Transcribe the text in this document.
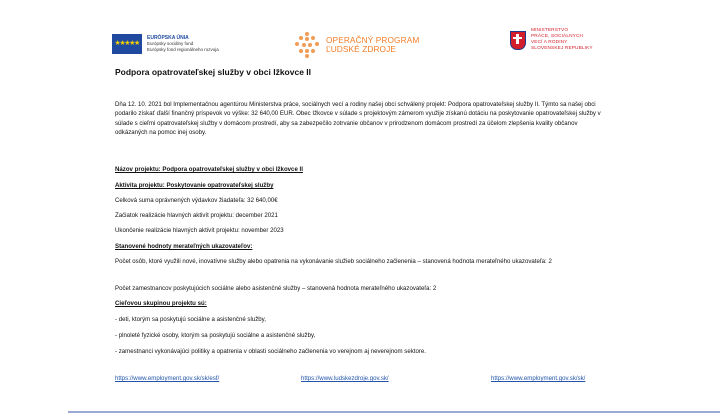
★★★★★
EURÓPSKA ÚNIA
Európsky sociálny fond
Európsky fond regionálneho rozvoja
OPERAČNÝ PROGRAM
ĽUDSKÉ ZDROJE
MINISTERSTVO
PRÁCE, SOCIÁLNYCH
VECÍ A RODINY
SLOVENSKEJ REPUBLIKY
Podpora opatrovateľskej služby v obci Ižkovce II
Dňa 12. 10. 2021 bol Implementačnou agentúrou Ministerstva práce, sociálnych vecí a rodiny našej obci schválený projekt: Podpora opatrovateľskej služby II. Týmto sa našej obci podarilo získať ďalší finančný príspevok vo výške: 32 640,00 EUR. Obec Ižkovce v súlade s projektovým zámerom využije získanú dotáciu na poskytovanie opatrovateľskej služby v súlade s cieľmi opatrovateľskej služby v domácom prostredí, aby sa zabezpečilo zotrvanie občanov v prirodzenom domácom prostredí za účelom zlepšenia kvality občanov odkázaných na pomoc inej osoby.
Názov projektu: Podpora opatrovateľskej služby v obci Ižkovce II
Aktivita projektu: Poskytovanie opatrovateľskej služby
Celková suma oprávnených výdavkov žiadateľa: 32 640,00€
Začiatok realizácie hlavných aktivít projektu: december 2021
Ukončenie realizácie hlavných aktivít projektu: november 2023
Stanovené hodnoty merateľných ukazovateľov:
Počet osôb, ktoré využili nové, inovatívne služby alebo opatrenia na vykonávanie služieb sociálneho začlenenia – stanovená hodnota merateľného ukazovateľa: 2
Počet zamestnancov poskytujúcich sociálne alebo asistenčné služby – stanovená hodnota merateľného ukazovateľa: 2
Cieľovou skupinou projektu sú:
- deti, ktorým sa poskytujú sociálne a asistenčné služby,
- plnoleté fyzické osoby, ktorým sa poskytujú sociálne a asistenčné služby,
- zamestnanci vykonávajúci politiky a opatrenia v oblasti sociálneho začlenenia vo verejnom aj neverejnom sektore.
https://www.employment.gov.sk/sk/esf/	https://www.ludskezdroje.gov.sk/	https://www.employment.gov.sk/sk/
